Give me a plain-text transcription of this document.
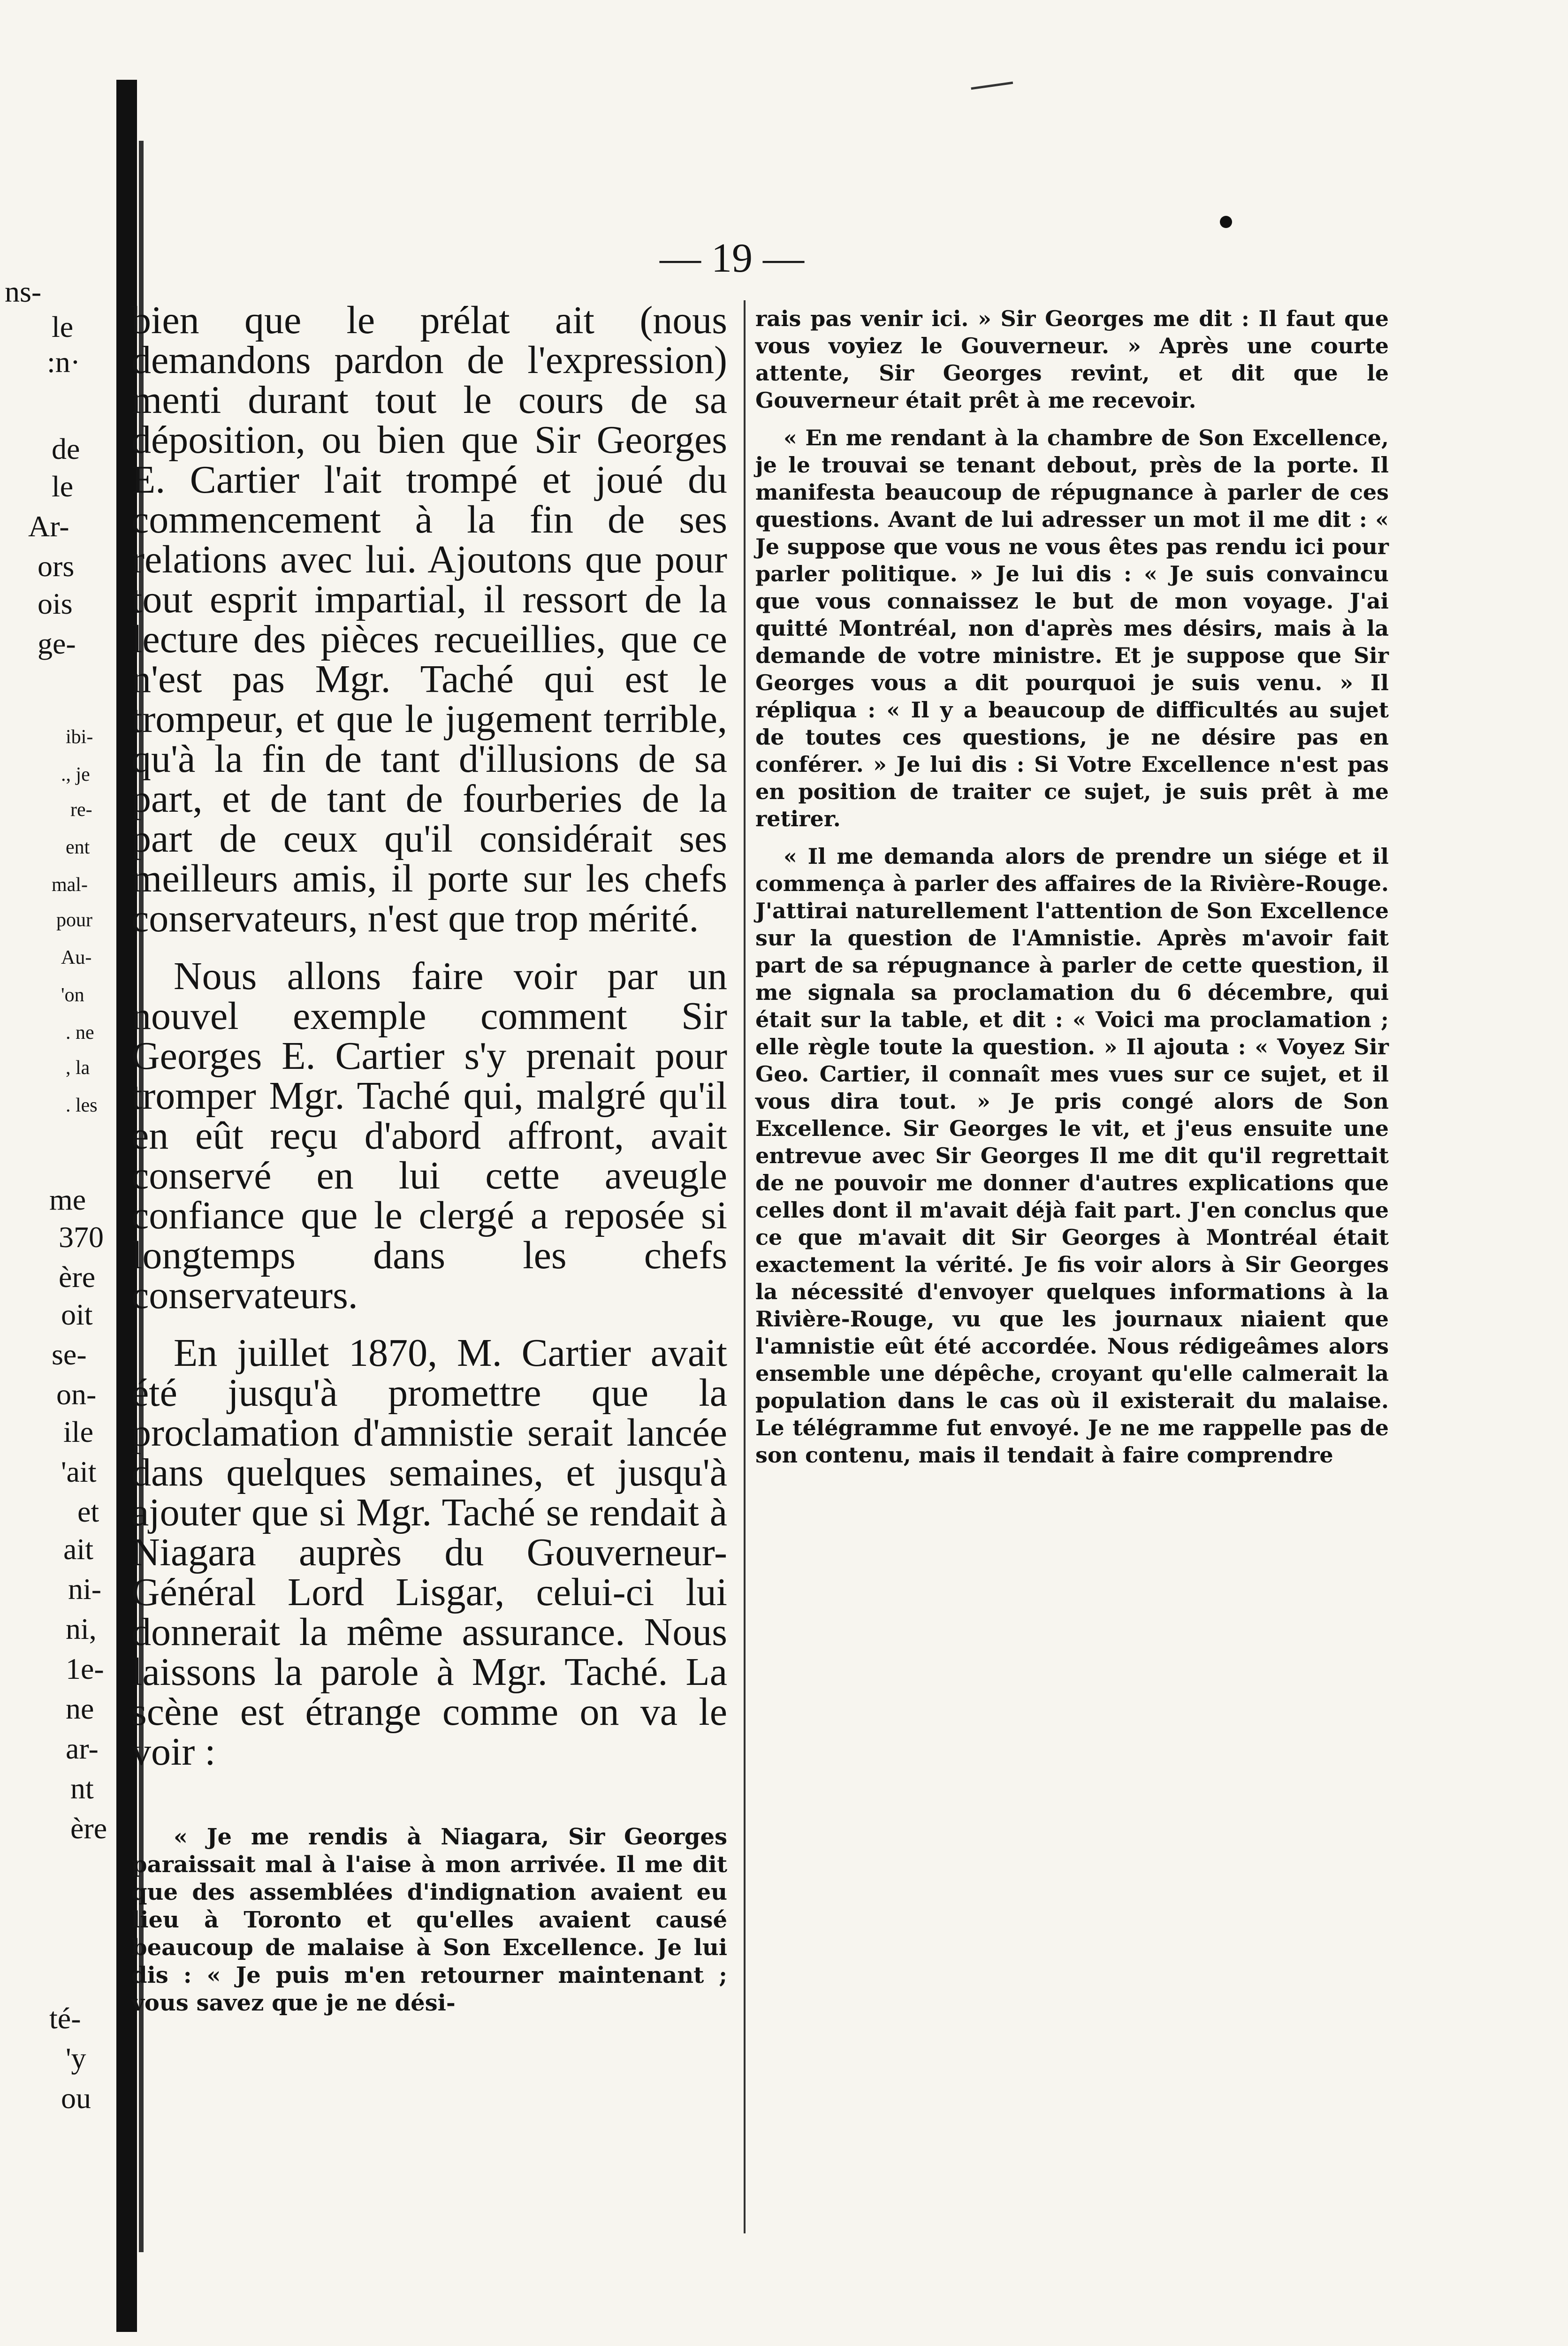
ns-
le
:n·
de
le
Ar-
ors
ois
ge-
ibi-
., je
re-
ent
mal-
pour
Au-
'on
. ne
, la
. les
me
370
ère
oit
se-
on-
ile
'ait
et
ait
ni-
ni,
1e-
ne
ar-
nt
ère
té-
'y
ou
— 19 —

bien que le prélat ait (nous demandons pardon de l'expression) menti durant tout le cours de sa déposition, ou bien que Sir Georges E. Cartier l'ait trompé et joué du commencement à la fin de ses relations avec lui. Ajoutons que pour tout esprit impartial, il ressort de la lecture des pièces recueillies, que ce n'est pas Mgr. Taché qui est le trompeur, et que le jugement terrible, qu'à la fin de tant d'illusions de sa part, et de tant de fourberies de la part de ceux qu'il considérait ses meilleurs amis, il porte sur les chefs conservateurs, n'est que trop mérité.

Nous allons faire voir par un nouvel exemple comment Sir Georges E. Cartier s'y prenait pour tromper Mgr. Taché qui, malgré qu'il en eût reçu d'abord affront, avait conservé en lui cette aveugle confiance que le clergé a reposée si longtemps dans les chefs conservateurs.

En juillet 1870, M. Cartier avait été jusqu'à promettre que la proclamation d'amnistie serait lancée dans quelques semaines, et jusqu'à ajouter que si Mgr. Taché se rendait à Niagara auprès du Gouverneur-Général Lord Lisgar, celui-ci lui donnerait la même assurance. Nous laissons la parole à Mgr. Taché. La scène est étrange comme on va le voir :

« Je me rendis à Niagara, Sir Georges paraissait mal à l'aise à mon arrivée. Il me dit que des assemblées d'indignation avaient eu lieu à Toronto et qu'elles avaient causé beaucoup de malaise à Son Excellence. Je lui dis : « Je puis m'en retourner maintenant ; vous savez que je ne dési-

rais pas venir ici. » Sir Georges me dit : Il faut que vous voyiez le Gouverneur. » Après une courte attente, Sir Georges revint, et dit que le Gouverneur était prêt à me recevoir.

« En me rendant à la chambre de Son Excellence, je le trouvai se tenant debout, près de la porte. Il manifesta beaucoup de répugnance à parler de ces questions. Avant de lui adresser un mot il me dit : « Je suppose que vous ne vous êtes pas rendu ici pour parler politique. » Je lui dis : « Je suis convaincu que vous connaissez le but de mon voyage. J'ai quitté Montréal, non d'après mes désirs, mais à la demande de votre ministre. Et je suppose que Sir Georges vous a dit pourquoi je suis venu. » Il répliqua : « Il y a beaucoup de difficultés au sujet de toutes ces questions, je ne désire pas en conférer. » Je lui dis : Si Votre Excellence n'est pas en position de traiter ce sujet, je suis prêt à me retirer.

« Il me demanda alors de prendre un siége et il commença à parler des affaires de la Rivière-Rouge. J'attirai naturellement l'attention de Son Excellence sur la question de l'Amnistie. Après m'avoir fait part de sa répugnance à parler de cette question, il me signala sa proclamation du 6 décembre, qui était sur la table, et dit : « Voici ma proclamation ; elle règle toute la question. » Il ajouta : « Voyez Sir Geo. Cartier, il connaît mes vues sur ce sujet, et il vous dira tout. » Je pris congé alors de Son Excellence. Sir Georges le vit, et j'eus ensuite une entrevue avec Sir Georges Il me dit qu'il regrettait de ne pouvoir me donner d'autres explications que celles dont il m'avait déjà fait part. J'en conclus que ce que m'avait dit Sir Georges à Montréal était exactement la vérité. Je fis voir alors à Sir Georges la nécessité d'envoyer quelques informations à la Rivière-Rouge, vu que les journaux niaient que l'amnistie eût été accordée. Nous rédigeâmes alors ensemble une dépêche, croyant qu'elle calmerait la population dans le cas où il existerait du malaise. Le télégramme fut envoyé. Je ne me rappelle pas de son contenu, mais il tendait à faire comprendre
